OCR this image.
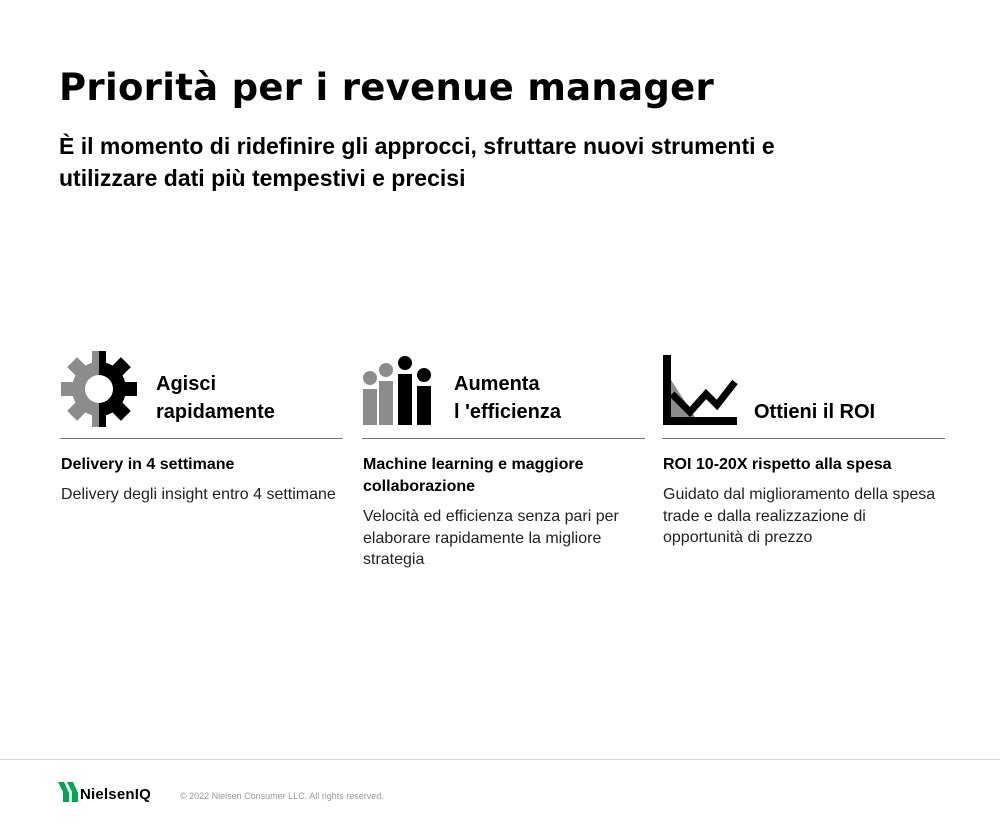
Priorità per i revenue manager

È il momento di ridefinire gli approcci, sfruttare nuovi strumenti e utilizzare dati più tempestivi e precisi

Agisci
rapidamente

Delivery in 4 settimane

Delivery degli insight entro 4 settimane

Aumenta
l 'efficienza

Machine learning e maggiore collaborazione

Velocità ed efficienza senza pari per elaborare rapidamente la migliore strategia

Ottieni il ROI

ROI 10-20X rispetto alla spesa

Guidato dal miglioramento della spesa trade e dalla realizzazione di opportunità di prezzo

NielsenIQ	© 2022 Nielsen Consumer LLC. All rights reserved.
